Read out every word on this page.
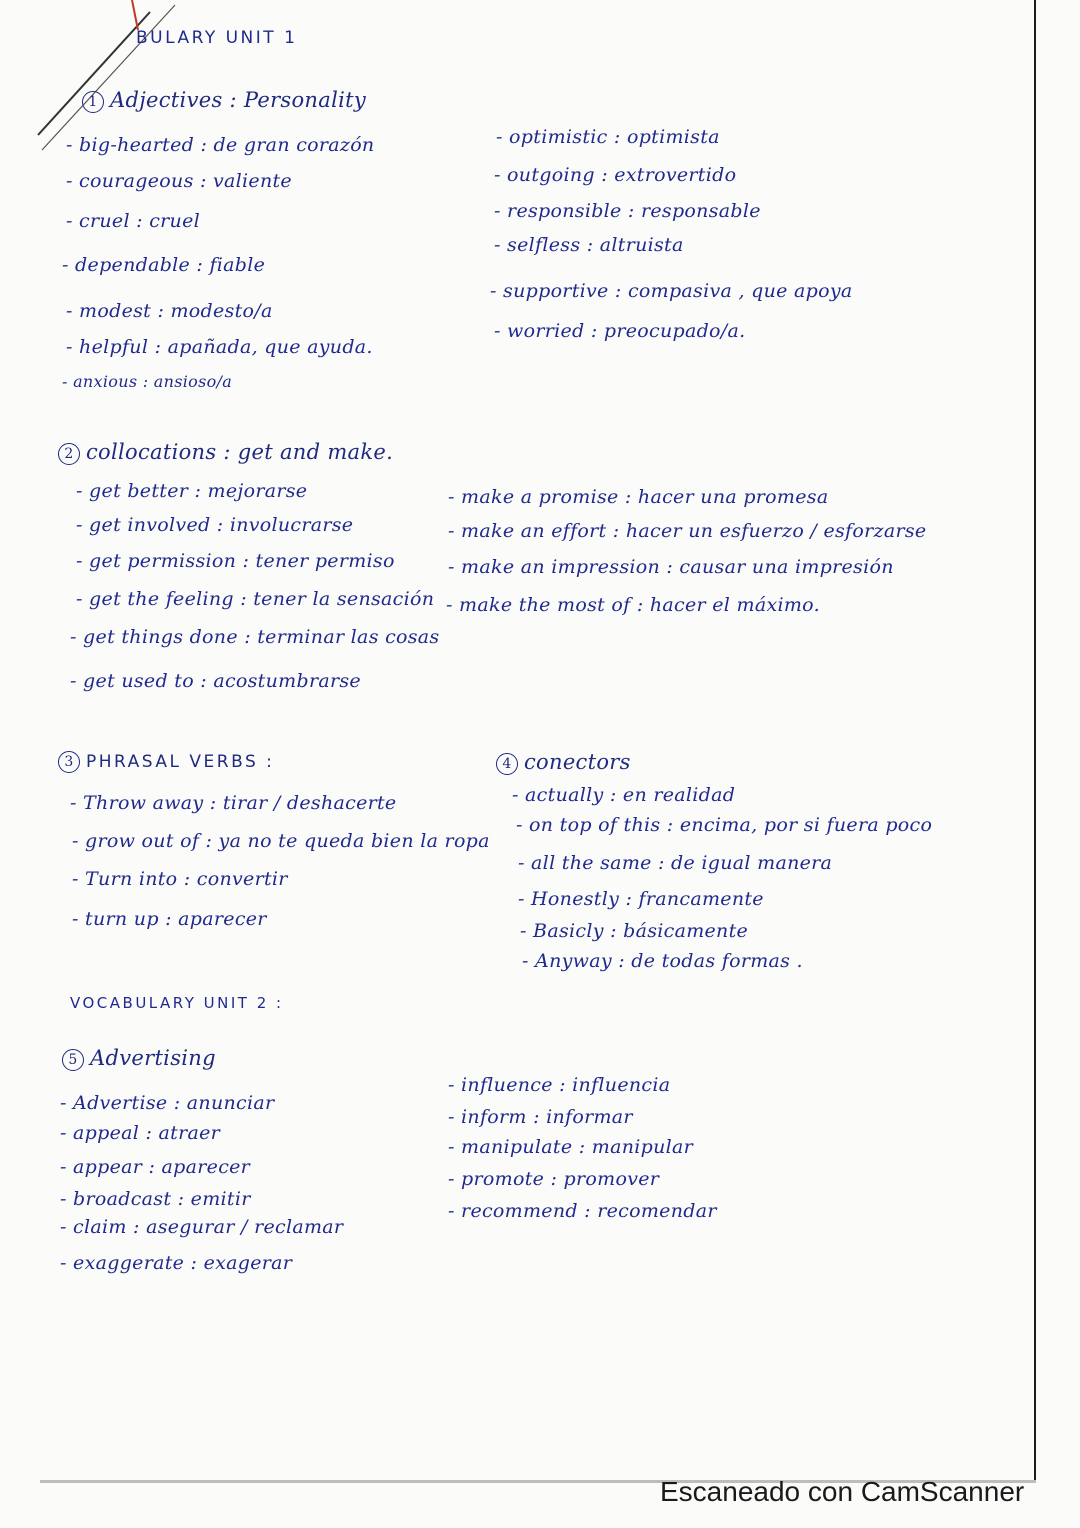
BULARY UNIT 1
1 Adjectives : Personality
- big-hearted : de gran corazón
- courageous : valiente
- cruel : cruel
- dependable : fiable
- modest : modesto/a
- helpful : apañada, que ayuda.
- anxious : ansioso/a
- optimistic : optimista
- outgoing : extrovertido
- responsible : responsable
- selfless : altruista
- supportive : compasiva , que apoya
- worried : preocupado/a.
2 collocations : get and make.
- get better : mejorarse
- get involved : involucrarse
- get permission : tener permiso
- get the feeling : tener la sensación
- get things done : terminar las cosas
- get used to : acostumbrarse
- make a promise : hacer una promesa
- make an effort : hacer un esfuerzo / esforzarse
- make an impression : causar una impresión
- make the most of : hacer el máximo.
3 PHRASAL VERBS :
- Throw away : tirar / deshacerte
- grow out of : ya no te queda bien la ropa
- Turn into : convertir
- turn up : aparecer
4 conectors
- actually : en realidad
- on top of this : encima, por si fuera poco
- all the same : de igual manera
- Honestly : francamente
- Basicly : básicamente
- Anyway : de todas formas .
VOCABULARY UNIT 2 :
5 Advertising
- Advertise : anunciar
- appeal : atraer
- appear : aparecer
- broadcast : emitir
- claim : asegurar / reclamar
- exaggerate : exagerar
- influence : influencia
- inform : informar
- manipulate : manipular
- promote : promover
- recommend : recomendar
Escaneado con CamScanner
